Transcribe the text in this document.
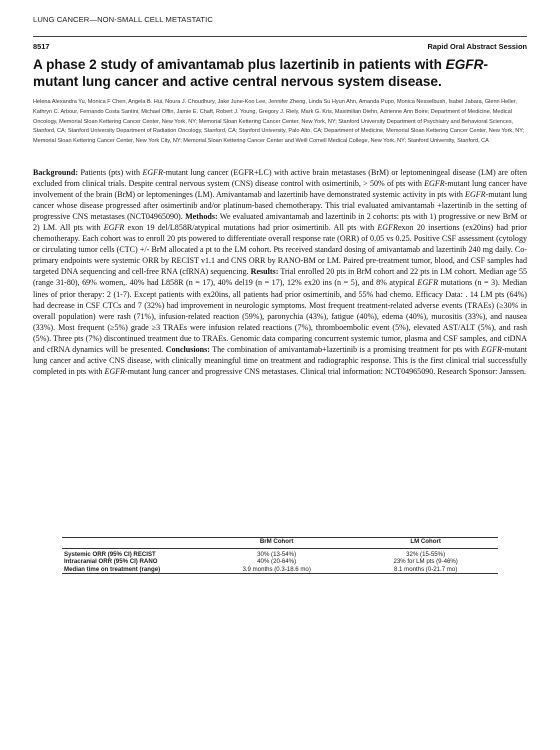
LUNG CANCER—NON-SMALL CELL METASTATIC
8517	Rapid Oral Abstract Session
A phase 2 study of amivantamab plus lazertinib in patients with EGFR-mutant lung cancer and active central nervous system disease.
Helena Alexandra Yu, Monica F Chen, Angela B. Hui, Noura J. Choudhury, Jake June-Koo Lee, Jennifer Zheng, Linda Su Hyun Ahn, Amanda Pupo, Monica Nesselbush, Isabel Jabara, Glenn Heller, Kathryn C. Arbour, Fernando Costa Santini, Michael Offin, Jamie E. Chaft, Robert J. Young, Gregory J. Riely, Mark G. Kris, Maximilian Diehn, Adrienne Ann Boire; Department of Medicine, Medical Oncology, Memorial Sloan Kettering Cancer Center, New York, NY; Memorial Sloan Kettering Cancer Center, New York, NY; Stanford University Department of Psychiatry and Behavioral Sciences, Stanford, CA; Stanford University Department of Radiation Oncology, Stanford, CA; Stanford University, Palo Alto, CA; Department of Medicine, Memorial Sloan Kettering Cancer Center, New York, NY; Memorial Sloan Kettering Cancer Center, New York City, NY; Memorial Sloan Kettering Cancer Center and Weill Cornell Medical College, New York, NY; Stanford University, Stanford, CA
Background: Patients (pts) with EGFR-mutant lung cancer (EGFR+LC) with active brain metastases (BrM) or leptomeningeal disease (LM) are often excluded from clinical trials. Despite central nervous system (CNS) disease control with osimertinib, > 50% of pts with EGFR-mutant lung cancer have involvement of the brain (BrM) or leptomeninges (LM). Amivantamab and lazertinib have demonstrated systemic activity in pts with EGFR-mutant lung cancer whose disease progressed after osimertinib and/or platinum-based chemotherapy. This trial evaluated amivantamab +lazertinib in the setting of progressive CNS metastases (NCT04965090). Methods: We evaluated amivantamab and lazertinib in 2 cohorts: pts with 1) progressive or new BrM or 2) LM. All pts with EGFR exon 19 del/L858R/atypical mutations had prior osimertinib. All pts with EGFRexon 20 insertions (ex20ins) had prior chemotherapy. Each cohort was to enroll 20 pts powered to differentiate overall response rate (ORR) of 0.05 vs 0.25. Positive CSF assessment (cytology or circulating tumor cells (CTC) +/- BrM allocated a pt to the LM cohort. Pts received standard dosing of amivantamab and lazertinib 240 mg daily. Co-primary endpoints were systemic ORR by RECIST v1.1 and CNS ORR by RANO-BM or LM. Paired pre-treatment tumor, blood, and CSF samples had targeted DNA sequencing and cell-free RNA (cfRNA) sequencing. Results: Trial enrolled 20 pts in BrM cohort and 22 pts in LM cohort. Median age 55 (range 31-80), 69% women,. 40% had L858R (n = 17), 40% del19 (n = 17), 12% ex20 ins (n = 5), and 8% atypical EGFR mutations (n = 3). Median lines of prior therapy: 2 (1-7). Except patients with ex20ins, all patients had prior osimertinib, and 55% had chemo. Efficacy Data: . 14 LM pts (64%) had decrease in CSF CTCs and 7 (32%) had improvement in neurologic symptoms. Most frequent treatment-related adverse events (TRAEs) (≥30% in overall population) were rash (71%), infusion-related reaction (59%), paronychia (43%), fatigue (40%), edema (40%), mucositis (33%), and nausea (33%). Most frequent (≥5%) grade ≥3 TRAEs were infusion related reactions (7%), thromboembolic event (5%), elevated AST/ALT (5%), and rash (5%). Three pts (7%) discontinued treatment due to TRAEs. Genomic data comparing concurrent systemic tumor, plasma and CSF samples, and ctDNA and cfRNA dynamics will be presented. Conclusions: The combination of amivantamab+lazertinib is a promising treatment for pts with EGFR-mutant lung cancer and active CNS disease, with clinically meaningful time on treatment and radiographic response. This is the first clinical trial successfully completed in pts with EGFR-mutant lung cancer and progressive CNS metastases. Clinical trial information: NCT04965090. Research Sponsor: Janssen.
	BrM Cohort	LM Cohort
Systemic ORR (95% CI) RECIST	30% (13-54%)	32% (15-55%)
Intracranial ORR (95% CI) RANO	40% (20-64%)	23% for LM pts (9-46%)
Median time on treatment (range)	3.9 months (0.3-18.6 mo)	8.1 months (0-21.7 mo)
